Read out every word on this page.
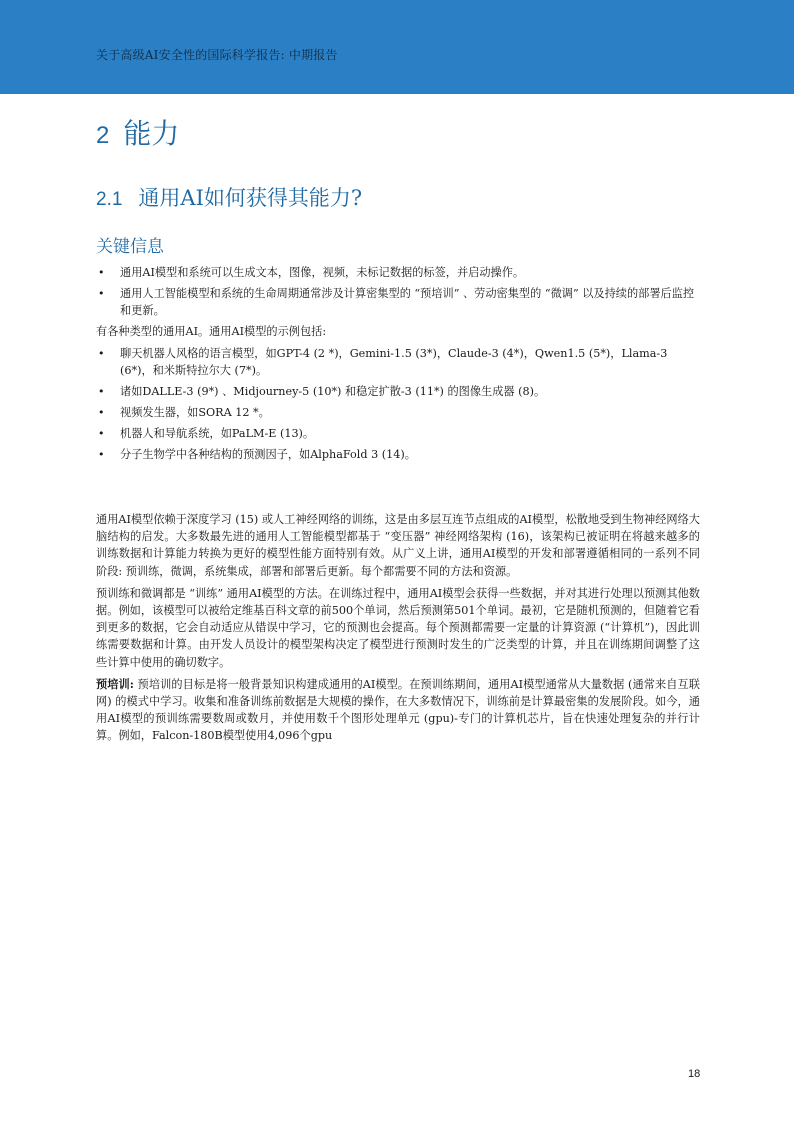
关于高级AI安全性的国际科学报告: 中期报告
2 能力
2.1 通用AI如何获得其能力?
关键信息
• 通用AI模型和系统可以生成文本，图像，视频，未标记数据的标签，并启动操作。
• 通用人工智能模型和系统的生命周期通常涉及计算密集型的 “预培训” 、劳动密集型的 “微调” 以及持续的部署后监控和更新。
有各种类型的通用AI。通用AI模型的示例包括:
• 聊天机器人风格的语言模型，如GPT-4 (2 *)，Gemini-1.5 (3*)，Claude-3 (4*)，Qwen1.5 (5*)，Llama-3 (6*)，和米斯特拉尔大 (7*)。
• 诸如DALLE-3 (9*) 、Midjourney-5 (10*) 和稳定扩散-3 (11*) 的图像生成器 (8)。
• 视频发生器，如SORA 12 *。
• 机器人和导航系统，如PaLM-E (13)。
• 分子生物学中各种结构的预测因子，如AlphaFold 3 (14)。

通用AI模型依赖于深度学习 (15) 或人工神经网络的训练，这是由多层互连节点组成的AI模型，松散地受到生物神经网络大脑结构的启发。大多数最先进的通用人工智能模型都基于 “变压器” 神经网络架构 (16)，该架构已被证明在将越来越多的训练数据和计算能力转换为更好的模型性能方面特别有效。从广义上讲，通用AI模型的开发和部署遵循相同的一系列不同阶段: 预训练，微调，系统集成，部署和部署后更新。每个都需要不同的方法和资源。

预训练和微调都是 “训练” 通用AI模型的方法。在训练过程中，通用AI模型会获得一些数据，并对其进行处理以预测其他数据。例如，该模型可以被给定维基百科文章的前500个单词，然后预测第501个单词。最初，它是随机预测的，但随着它看到更多的数据，它会自动适应从错误中学习，它的预测也会提高。每个预测都需要一定量的计算资源 (“计算机”)，因此训练需要数据和计算。由开发人员设计的模型架构决定了模型进行预测时发生的广泛类型的计算，并且在训练期间调整了这些计算中使用的确切数字。

预培训: 预培训的目标是将一般背景知识构建成通用的AI模型。在预训练期间，通用AI模型通常从大量数据 (通常来自互联网) 的模式中学习。收集和准备训练前数据是大规模的操作，在大多数情况下，训练前是计算最密集的发展阶段。如今，通用AI模型的预训练需要数周或数月，并使用数千个图形处理单元 (gpu)-专门的计算机芯片，旨在快速处理复杂的并行计算。例如，Falcon-180B模型使用4,096个gpu

18
